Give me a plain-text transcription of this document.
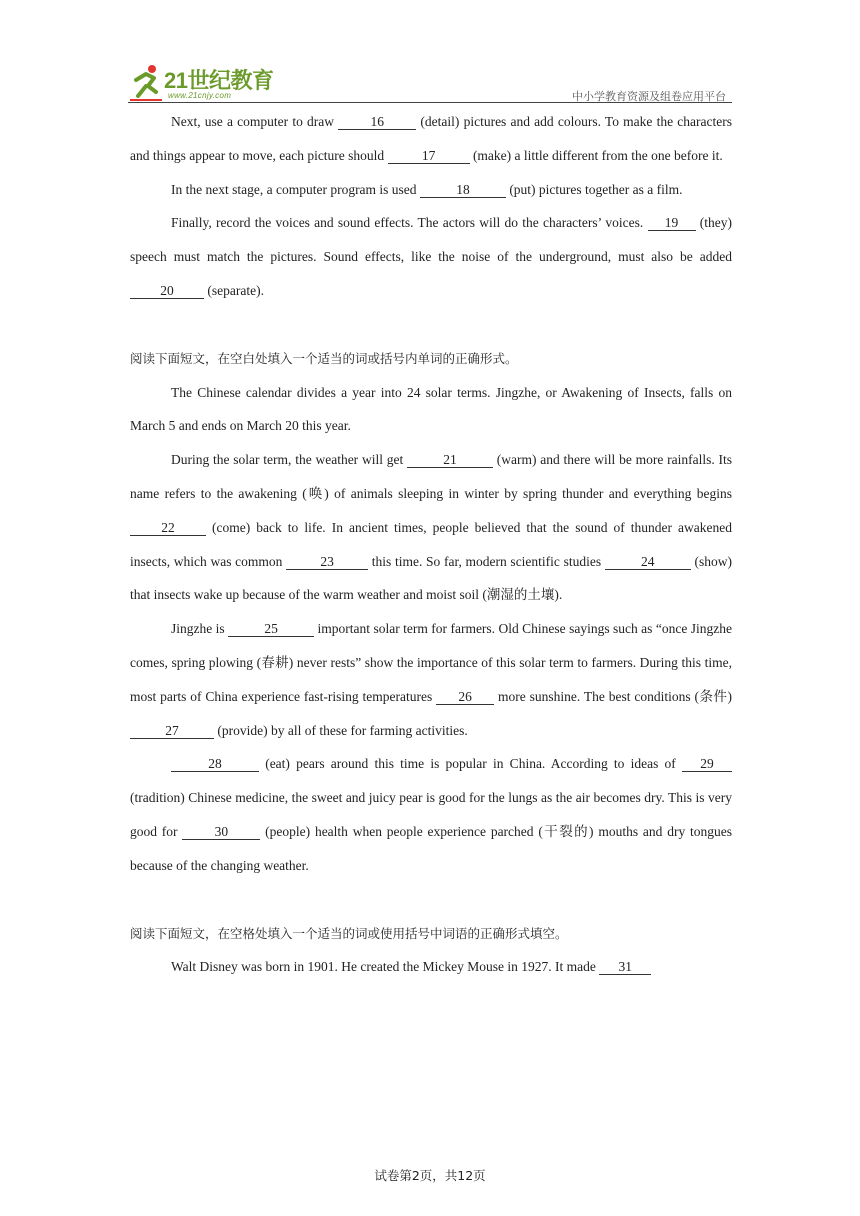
21世纪教育
www.21cnjy.com	中小学教育资源及组卷应用平台

Next, use a computer to draw 16 (detail) pictures and add colours. To make the characters and things appear to move, each picture should	17	(make) a little different from the one before it.

In the next stage, a computer program is used	18	(put) pictures together as a film.

Finally, record the voices and sound effects. The actors will do the characters’ voices. 19 (they) speech must match the pictures. Sound effects, like the noise of the underground, must also be added 20 (separate).

阅读下面短文，在空白处填入一个适当的词或括号内单词的正确形式。

The Chinese calendar divides a year into 24 solar terms. Jingzhe, or Awakening of Insects, falls on March 5 and ends on March 20 this year.

During the solar term, the weather will get	21	(warm) and there will be more rainfalls. Its name refers to the awakening (唤) of animals sleeping in winter by spring thunder and everything begins 22 (come) back to life. In ancient times, people believed that the sound of thunder awakened insects, which was common	23	this time. So far, modern scientific studies	24	(show) that insects wake up because of the warm weather and moist soil (潮湿的土壤).

Jingzhe is	25	important solar term for farmers. Old Chinese sayings such as “once Jingzhe comes, spring plowing (春耕) never rests” show the importance of this solar term to farmers. During this time, most parts of China experience fast-rising temperatures 26 more sunshine. The best conditions (条件) 27	(provide) by all of these for farming activities.

28	(eat) pears around this time is popular in China. According to ideas of 29 (tradition) Chinese medicine, the sweet and juicy pear is good for the lungs as the air becomes dry. This is very good for 30 (people) health when people experience parched (干裂的) mouths and dry tongues because of the changing weather.

阅读下面短文，在空格处填入一个适当的词或使用括号中词语的正确形式填空。

Walt Disney was born in 1901. He created the Mickey Mouse in 1927. It made 31

试卷第2页，共12页
